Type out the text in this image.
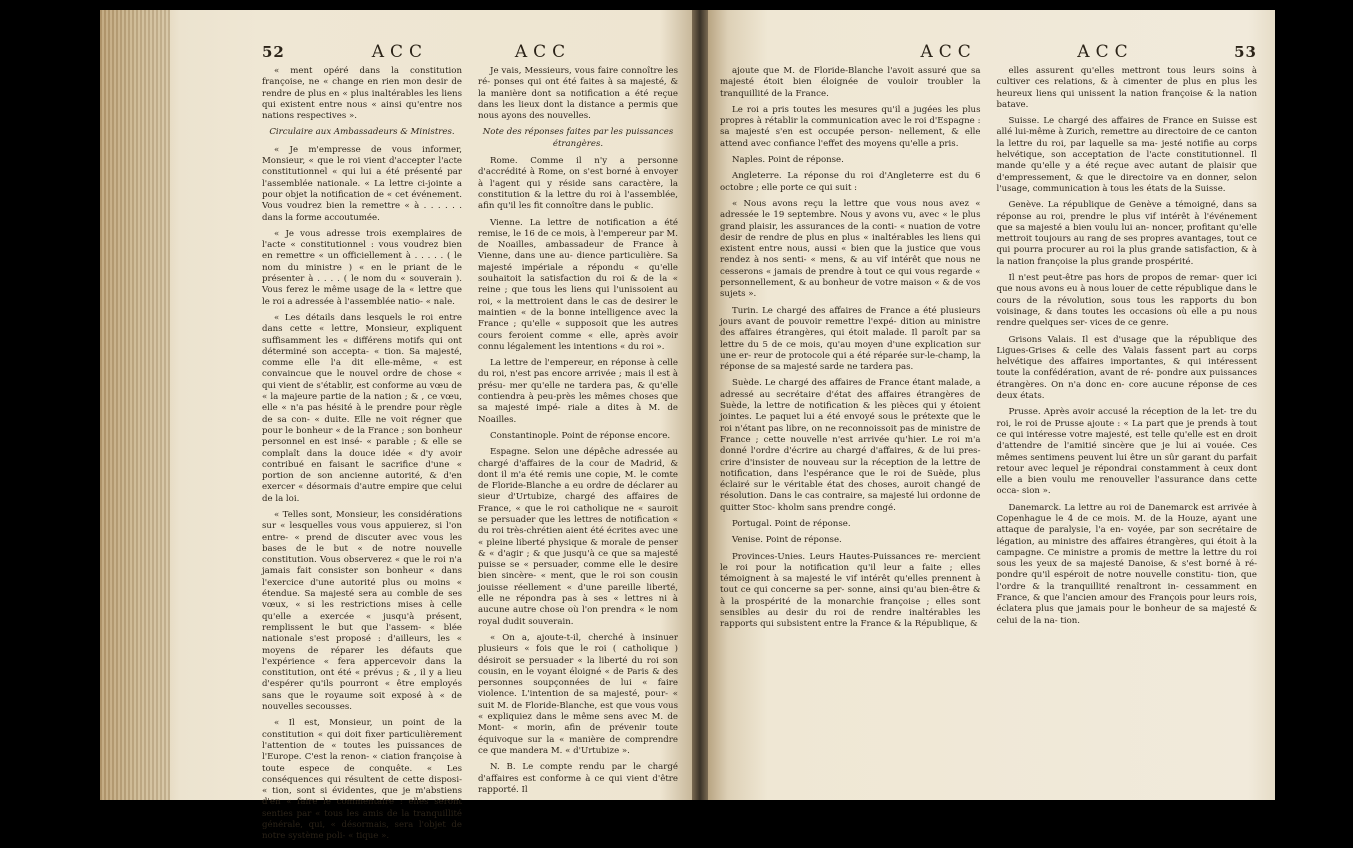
52	ACC	ACC

« ment opéré dans la constitution françoise, ne « change en rien mon desir de rendre de plus en « plus inaltérables les liens qui existent entre nous « ainsi qu'entre nos nations respectives ».

Circulaire aux Ambassadeurs & Ministres.

« Je m'empresse de vous informer, Monsieur, « que le roi vient d'accepter l'acte constitutionnel « qui lui a été présenté par l'assemblée nationale. « La lettre ci-jointe a pour objet la notification de « cet événement. Vous voudrez bien la remettre « à . . . . . . dans la forme accoutumée.

« Je vous adresse trois exemplaires de l'acte « constitutionnel : vous voudrez bien en remettre « un officiellement à . . . . . ( le nom du ministre ) « en le priant de le présenter à . . . . ( le nom du « souverain ). Vous ferez le même usage de la « lettre que le roi a adressée à l'assemblée natio- « nale.

« Les détails dans lesquels le roi entre dans cette « lettre, Monsieur, expliquent suffisamment les « différens motifs qui ont déterminé son accepta- « tion. Sa majesté, comme elle l'a dit elle-même, « est convaincue que le nouvel ordre de chose « qui vient de s'établir, est conforme au vœu de « la majeure partie de la nation ; & , ce vœu, elle « n'a pas hésité à le prendre pour règle de sa con- « duite. Elle ne voit régner que pour le bonheur « de la France ; son bonheur personnel en est insé- « parable ; & elle se complaît dans la douce idée « d'y avoir contribué en faisant le sacrifice d'une « portion de son ancienne autorité, & d'en exercer « désormais d'autre empire que celui de la loi.

« Telles sont, Monsieur, les considérations sur « lesquelles vous vous appuierez, si l'on entre- « prend de discuter avec vous les bases de le but « de notre nouvelle constitution. Vous observerez « que le roi n'a jamais fait consister son bonheur « dans l'exercice d'une autorité plus ou moins « étendue. Sa majesté sera au comble de ses vœux, « si les restrictions mises à celle qu'elle a exercée « jusqu'à présent, remplissent le but que l'assem- « blée nationale s'est proposé : d'ailleurs, les « moyens de réparer les défauts que l'expérience « fera appercevoir dans la constitution, ont été « prévus ; & , il y a lieu d'espérer qu'ils pourront « être employés sans que le royaume soit exposé à « de nouvelles secousses.

« Il est, Monsieur, un point de la constitution « qui doit fixer particulièrement l'attention de « toutes les puissances de l'Europe. C'est la renon- « ciation françoise à toute espece de conquête. « Les conséquences qui résultent de cette disposi- « tion, sont si évidentes, que je m'abstiens d'en « faire le commentaire : elles seront senties par « tous les amis de la tranquillité générale, qui, « désormais, sera l'objet de notre système poli- « tique ».

Je vais, Messieurs, vous faire connoître les ré- ponses qui ont été faites à sa majesté, & la manière dont sa notification a été reçue dans les lieux dont la distance a permis que nous ayons des nouvelles.

Note des réponses faites par les puissances étrangères.

Rome. Comme il n'y a personne d'accrédité à Rome, on s'est borné à envoyer à l'agent qui y réside sans caractère, la constitution & la lettre du roi à l'assemblée, afin qu'il les fit connoître dans le public.

Vienne. La lettre de notification a été remise, le 16 de ce mois, à l'empereur par M. de Noailles, ambassadeur de France à Vienne, dans une au- dience particulière. Sa majesté impériale a répondu « qu'elle souhaitoit la satisfaction du roi & de la « reine ; que tous les liens qui l'unissoient au roi, « la mettroient dans le cas de desirer le maintien « de la bonne intelligence avec la France ; qu'elle « supposoit que les autres cours feroient comme « elle, après avoir connu légalement les intentions « du roi ».

La lettre de l'empereur, en réponse à celle du roi, n'est pas encore arrivée ; mais il est à présu- mer qu'elle ne tardera pas, & qu'elle contiendra à peu-près les mêmes choses que sa majesté impé- riale a dites à M. de Noailles.

Constantinople. Point de réponse encore.

Espagne. Selon une dépêche adressée au chargé d'affaires de la cour de Madrid, & dont il m'a été remis une copie, M. le comte de Floride-Blanche a eu ordre de déclarer au sieur d'Urtubize, chargé des affaires de France, « que le roi catholique ne « sauroit se persuader que les lettres de notification « du roi très-chrétien aient été écrites avec une « pleine liberté physique & morale de penser & « d'agir ; & que jusqu'à ce que sa majesté puisse se « persuader, comme elle le desire bien sincère- « ment, que le roi son cousin jouisse réellement « d'une pareille liberté, elle ne répondra pas à ses « lettres ni à aucune autre chose où l'on prendra « le nom royal dudit souverain.

« On a, ajoute-t-il, cherché à insinuer plusieurs « fois que le roi ( catholique ) désiroit se persuader « la liberté du roi son cousin, en le voyant éloigné « de Paris & des personnes soupçonnées de lui « faire violence. L'intention de sa majesté, pour- « suit M. de Floride-Blanche, est que vous vous « expliquiez dans le même sens avec M. de Mont- « morin, afin de prévenir toute équivoque sur la « manière de comprendre ce que mandera M. « d'Urtubize ».

N. B. Le compte rendu par le chargé d'affaires est conforme à ce qui vient d'être rapporté. Il

ACC	ACC	53

ajoute que M. de Floride-Blanche l'avoit assuré que sa majesté étoit bien éloignée de vouloir troubler la tranquillité de la France.

Le roi a pris toutes les mesures qu'il a jugées les plus propres à rétablir la communication avec le roi d'Espagne : sa majesté s'en est occupée person- nellement, & elle attend avec confiance l'effet des moyens qu'elle a pris.

Naples. Point de réponse.

Angleterre. La réponse du roi d'Angleterre est du 6 octobre ; elle porte ce qui suit :

« Nous avons reçu la lettre que vous nous avez « adressée le 19 septembre. Nous y avons vu, avec « le plus grand plaisir, les assurances de la conti- « nuation de votre desir de rendre de plus en plus « inaltérables les liens qui existent entre nous, aussi « bien que la justice que vous rendez à nos senti- « mens, & au vif intérêt que nous ne cesserons « jamais de prendre à tout ce qui vous regarde « personnellement, & au bonheur de votre maison « & de vos sujets ».

Turin. Le chargé des affaires de France a été plusieurs jours avant de pouvoir remettre l'expé- dition au ministre des affaires étrangères, qui étoit malade. Il paroît par sa lettre du 5 de ce mois, qu'au moyen d'une explication sur une er- reur de protocole qui a été réparée sur-le-champ, la réponse de sa majesté sarde ne tardera pas.

Suède. Le chargé des affaires de France étant malade, a adressé au secrétaire d'état des affaires étrangères de Suède, la lettre de notification & les pièces qui y étoient jointes. Le paquet lui a été envoyé sous le prétexte que le roi n'étant pas libre, on ne reconnoissoit pas de ministre de France ; cette nouvelle n'est arrivée qu'hier. Le roi m'a donné l'ordre d'écrire au chargé d'affaires, & de lui pres- crire d'insister de nouveau sur la réception de la lettre de notification, dans l'espérance que le roi de Suède, plus éclairé sur le véritable état des choses, auroit changé de résolution. Dans le cas contraire, sa majesté lui ordonne de quitter Stoc- kholm sans prendre congé.

Portugal. Point de réponse.

Venise. Point de réponse.

Provinces-Unies. Leurs Hautes-Puissances re- mercient le roi pour la notification qu'il leur a faite ; elles témoignent à sa majesté le vif intérêt qu'elles prennent à tout ce qui concerne sa per- sonne, ainsi qu'au bien-être & à la prospérité de la monarchie françoise ; elles sont sensibles au desir du roi de rendre inaltérables les rapports qui subsistent entre la France & la République, &

elles assurent qu'elles mettront tous leurs soins à cultiver ces relations, & à cimenter de plus en plus les heureux liens qui unissent la nation françoise & la nation batave.

Suisse. Le chargé des affaires de France en Suisse est allé lui-même à Zurich, remettre au directoire de ce canton la lettre du roi, par laquelle sa ma- jesté notifie au corps helvétique, son acceptation de l'acte constitutionnel. Il mande qu'elle y a été reçue avec autant de plaisir que d'empressement, & que le directoire va en donner, selon l'usage, communication à tous les états de la Suisse.

Genève. La république de Genève a témoigné, dans sa réponse au roi, prendre le plus vif intérêt à l'événement que sa majesté a bien voulu lui an- noncer, profitant qu'elle mettroit toujours au rang de ses propres avantages, tout ce qui pourra procurer au roi la plus grande satisfaction, & à la nation françoise la plus grande prospérité.

Il n'est peut-être pas hors de propos de remar- quer ici que nous avons eu à nous louer de cette république dans le cours de la révolution, sous tous les rapports du bon voisinage, & dans toutes les occasions où elle a pu nous rendre quelques ser- vices de ce genre.

Grisons Valais. Il est d'usage que la république des Ligues-Grises & celle des Valais fassent part au corps helvétique des affaires importantes, & qui intéressent toute la confédération, avant de ré- pondre aux puissances étrangères. On n'a donc en- core aucune réponse de ces deux états.

Prusse. Après avoir accusé la réception de la let- tre du roi, le roi de Prusse ajoute : « La part que je prends à tout ce qui intéresse votre majesté, est telle qu'elle est en droit d'attendre de l'amitié sincère que je lui ai vouée. Ces mêmes sentimens peuvent lui être un sûr garant du parfait retour avec lequel je répondrai constamment à ceux dont elle a bien voulu me renouveller l'assurance dans cette occa- sion ».

Danemarck. La lettre au roi de Danemarck est arrivée à Copenhague le 4 de ce mois. M. de la Houze, ayant une attaque de paralysie, l'a en- voyée, par son secrétaire de légation, au ministre des affaires étrangères, qui étoit à la campagne. Ce ministre a promis de mettre la lettre du roi sous les yeux de sa majesté Danoise, & s'est borné à ré- pondre qu'il espéroit de notre nouvelle constitu- tion, que l'ordre & la tranquillité renaîtront in- cessamment en France, & que l'ancien amour des François pour leurs rois, éclatera plus que jamais pour le bonheur de sa majesté & celui de la na- tion.
